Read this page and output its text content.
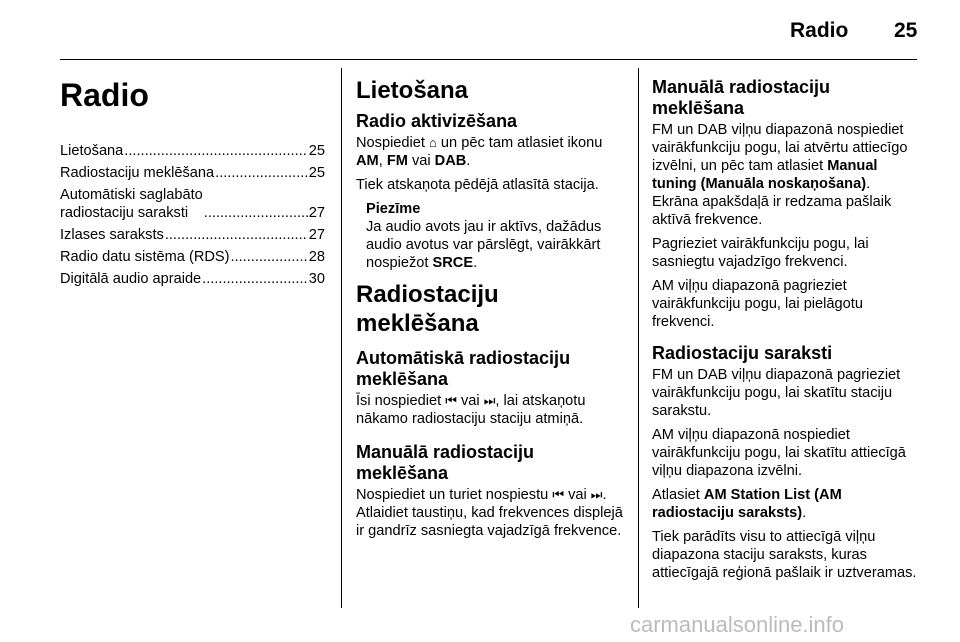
Radio 25
Radio
Lietošana .....	25
Radiostaciju meklēšana .....	25
Automātiski saglabāto
radiostaciju saraksti .....	27
Izlases saraksts .....	27
Radio datu sistēma (RDS) .....	28
Digitālā audio apraide .....	30
Lietošana
Radio aktivizēšana
Nospiediet ⌂ un pēc tam atlasiet ikonu AM, FM vai DAB.
Tiek atskaņota pēdējā atlasītā stacija.
Piezīme
Ja audio avots jau ir aktīvs, dažādus audio avotus var pārslēgt, vairākkārt nospiežot SRCE.
Radiostaciju meklēšana
Automātiskā radiostaciju meklēšana
Īsi nospiediet ⏮ vai ⏭, lai atskaņotu nākamo radiostaciju staciju atmiņā.
Manuālā radiostaciju meklēšana
Nospiediet un turiet nospiestu ⏮ vai ⏭. Atlaidiet taustiņu, kad frekvences displejā ir gandrīz sasniegta vajadzīgā frekvence.
Manuālā radiostaciju meklēšana
FM un DAB viļņu diapazonā nospiediet vairākfunkciju pogu, lai atvērtu attiecīgo izvēlni, un pēc tam atlasiet Manual tuning (Manuāla noskaņošana). Ekrāna apakšdaļā ir redzama pašlaik aktīvā frekvence.
Pagrieziet vairākfunkciju pogu, lai sasniegtu vajadzīgo frekvenci.
AM viļņu diapazonā pagrieziet vairākfunkciju pogu, lai pielāgotu frekvenci.
Radiostaciju saraksti
FM un DAB viļņu diapazonā pagrieziet vairākfunkciju pogu, lai skatītu staciju sarakstu.
AM viļņu diapazonā nospiediet vairākfunkciju pogu, lai skatītu attiecīgā viļņu diapazona izvēlni.
Atlasiet AM Station List (AM radiostaciju saraksts).
Tiek parādīts visu to attiecīgā viļņu diapazona staciju saraksts, kuras attiecīgajā reģionā pašlaik ir uztveramas.
carmanualsonline.info
